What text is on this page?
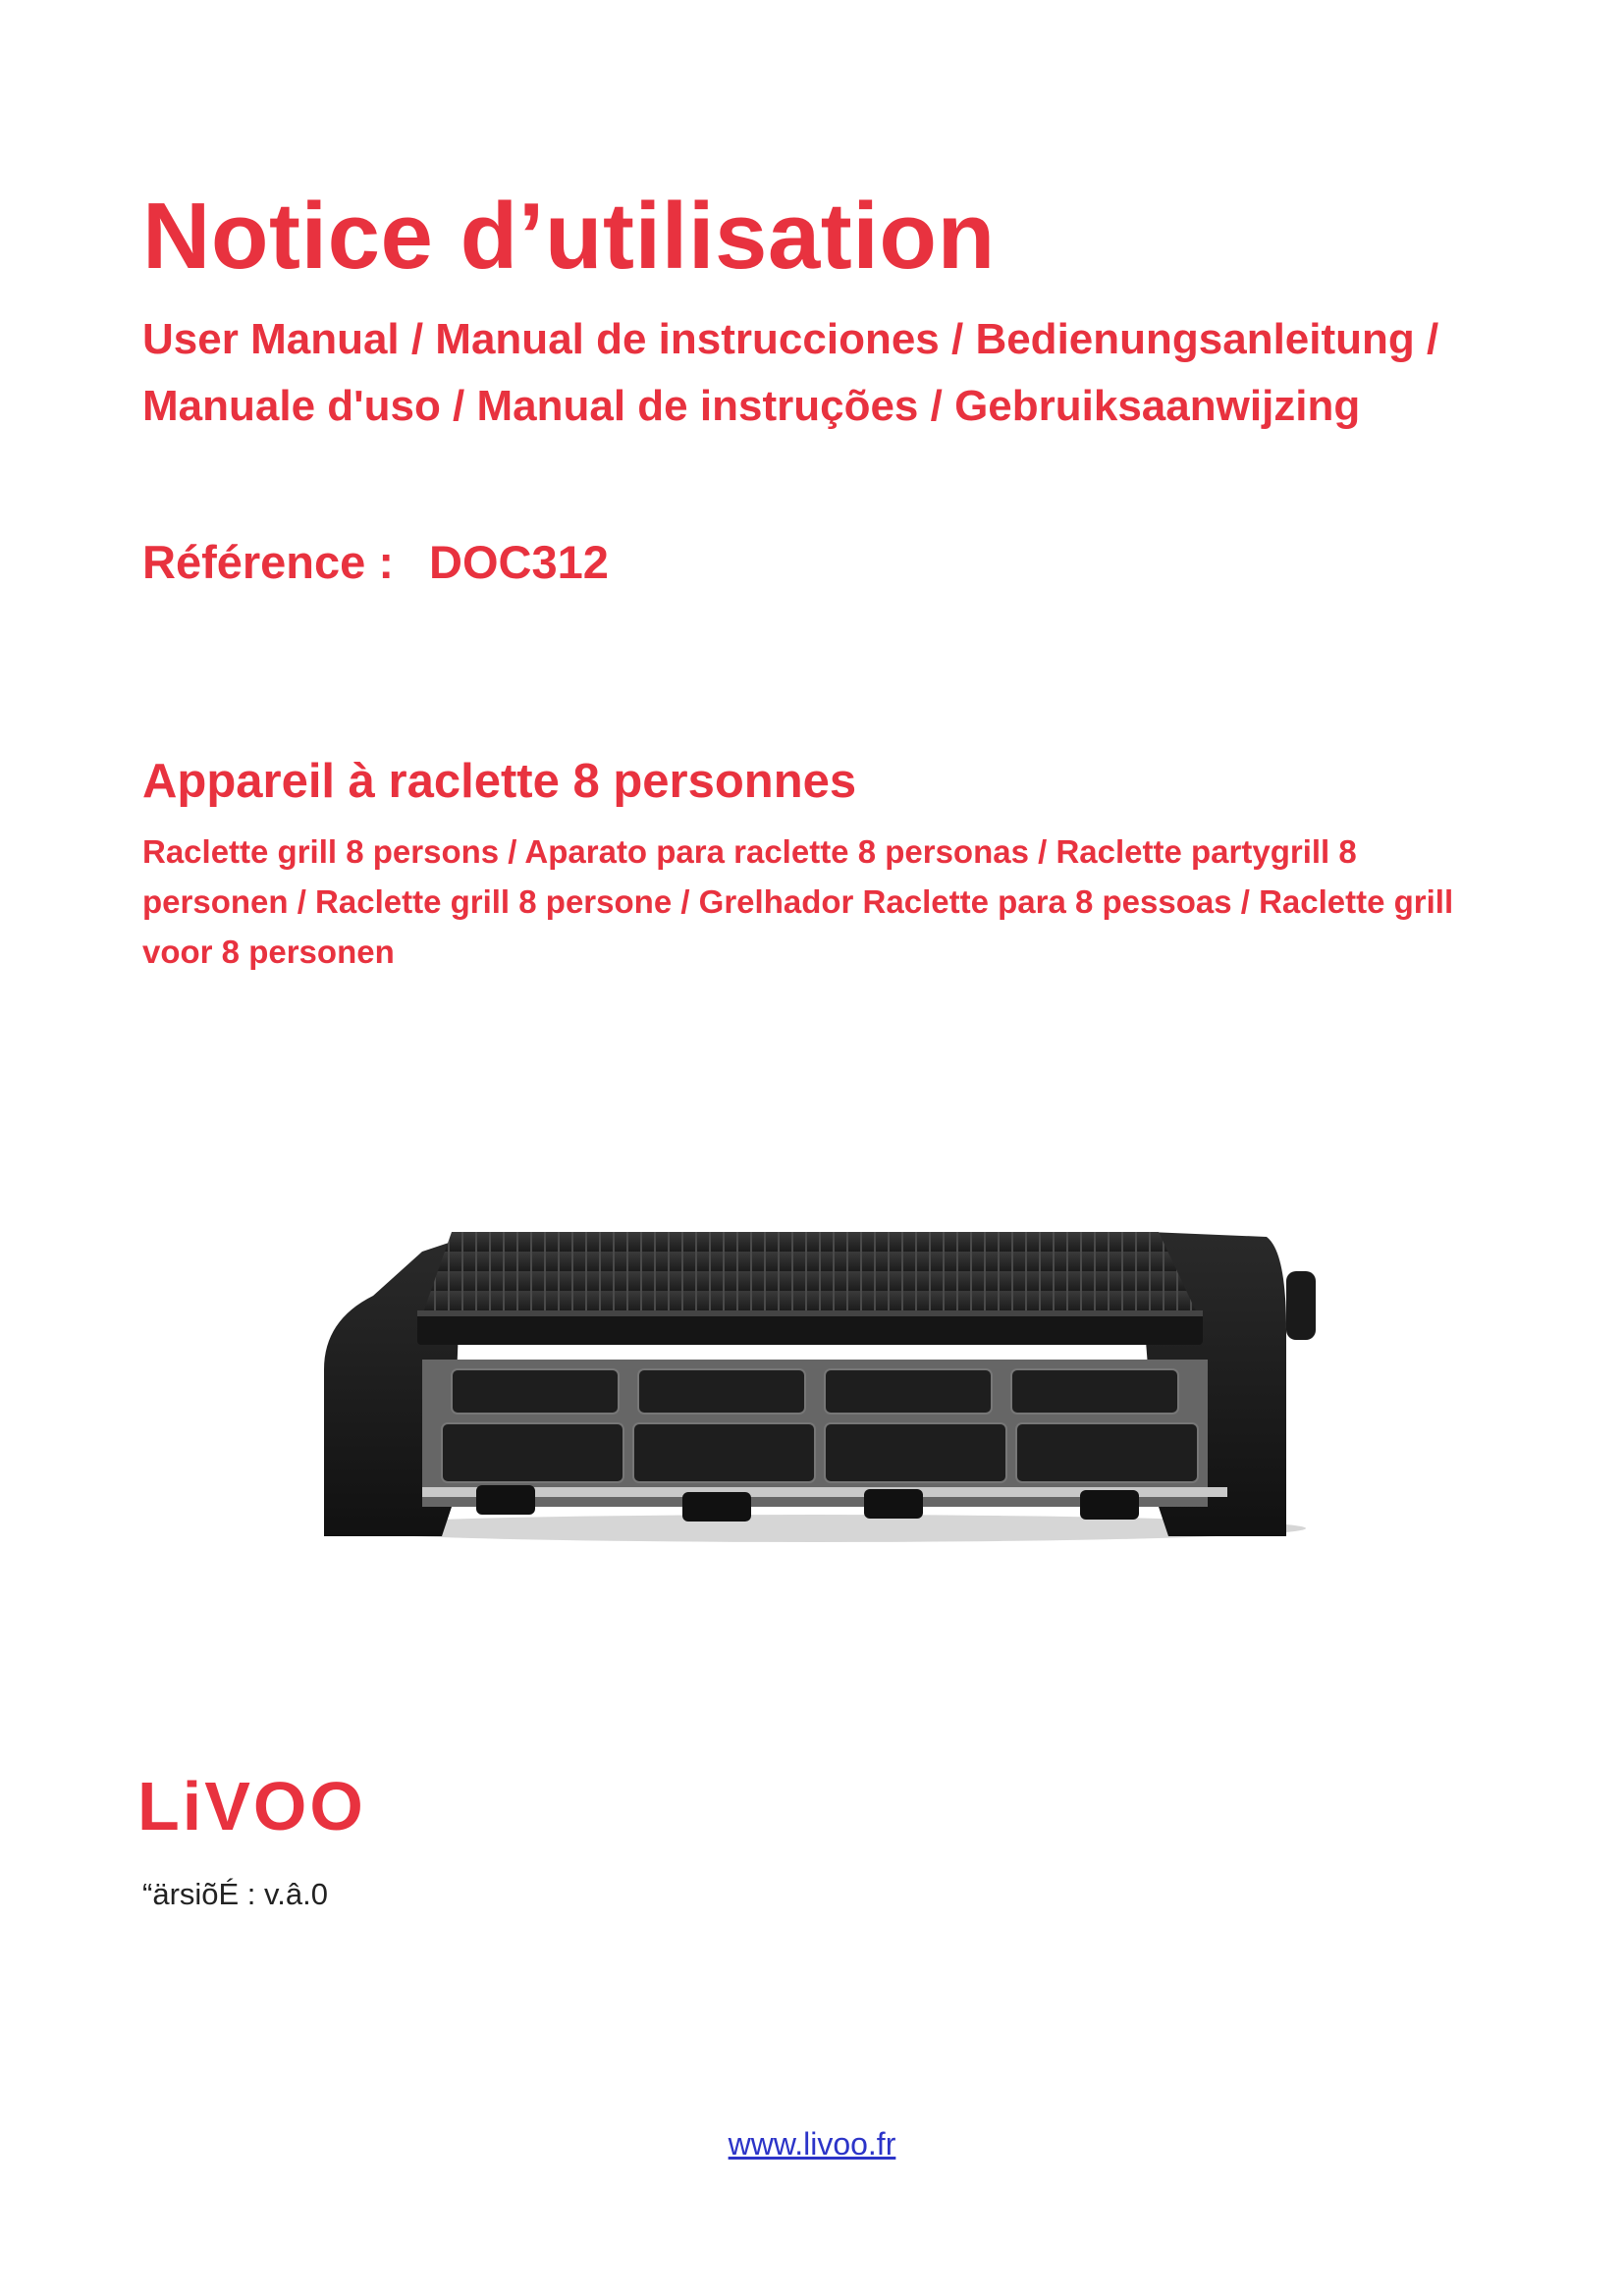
Notice d’utilisation
User Manual / Manual de instrucciones / Bedienungsanleitung /
Manuale d'uso / Manual de instruções / Gebruiksaanwijzing
Référence : DOC312
Appareil à raclette 8 personnes
Raclette grill 8 persons / Aparato para raclette 8 personas / Raclette partygrill 8
personen / Raclette grill 8 persone / Grelhador Raclette para 8 pessoas / Raclette grill
voor 8 personen
LiVOO
“ärsiõÉ : v.â.0
www.livoo.fr
